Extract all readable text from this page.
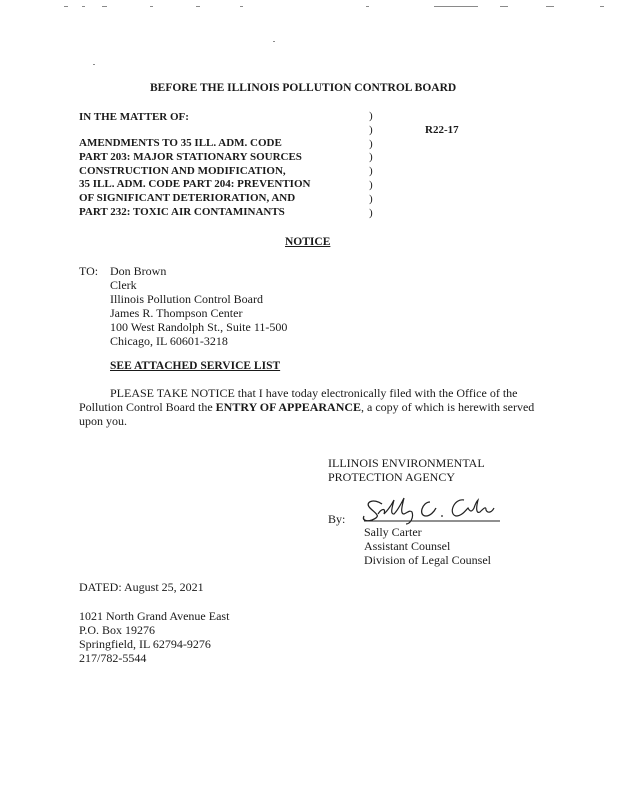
BEFORE THE ILLINOIS POLLUTION CONTROL BOARD
IN THE MATTER OF:
AMENDMENTS TO 35 ILL. ADM. CODE
PART 203: MAJOR STATIONARY SOURCES
CONSTRUCTION AND MODIFICATION,
35 ILL. ADM. CODE PART 204: PREVENTION
OF SIGNIFICANT DETERIORATION, AND
PART 232: TOXIC AIR CONTAMINANTS
)
)
)
)
)
)
)
)
R22-17
NOTICE
TO: Don Brown
Clerk
Illinois Pollution Control Board
James R. Thompson Center
100 West Randolph St., Suite 11-500
Chicago, IL 60601-3218
SEE ATTACHED SERVICE LIST
PLEASE TAKE NOTICE that I have today electronically filed with the Office of the Pollution Control Board the ENTRY OF APPEARANCE, a copy of which is herewith served upon you.
ILLINOIS ENVIRONMENTAL
PROTECTION AGENCY
By:
Sally Carter
Assistant Counsel
Division of Legal Counsel
DATED: August 25, 2021
1021 North Grand Avenue East
P.O. Box 19276
Springfield, IL 62794-9276
217/782-5544
